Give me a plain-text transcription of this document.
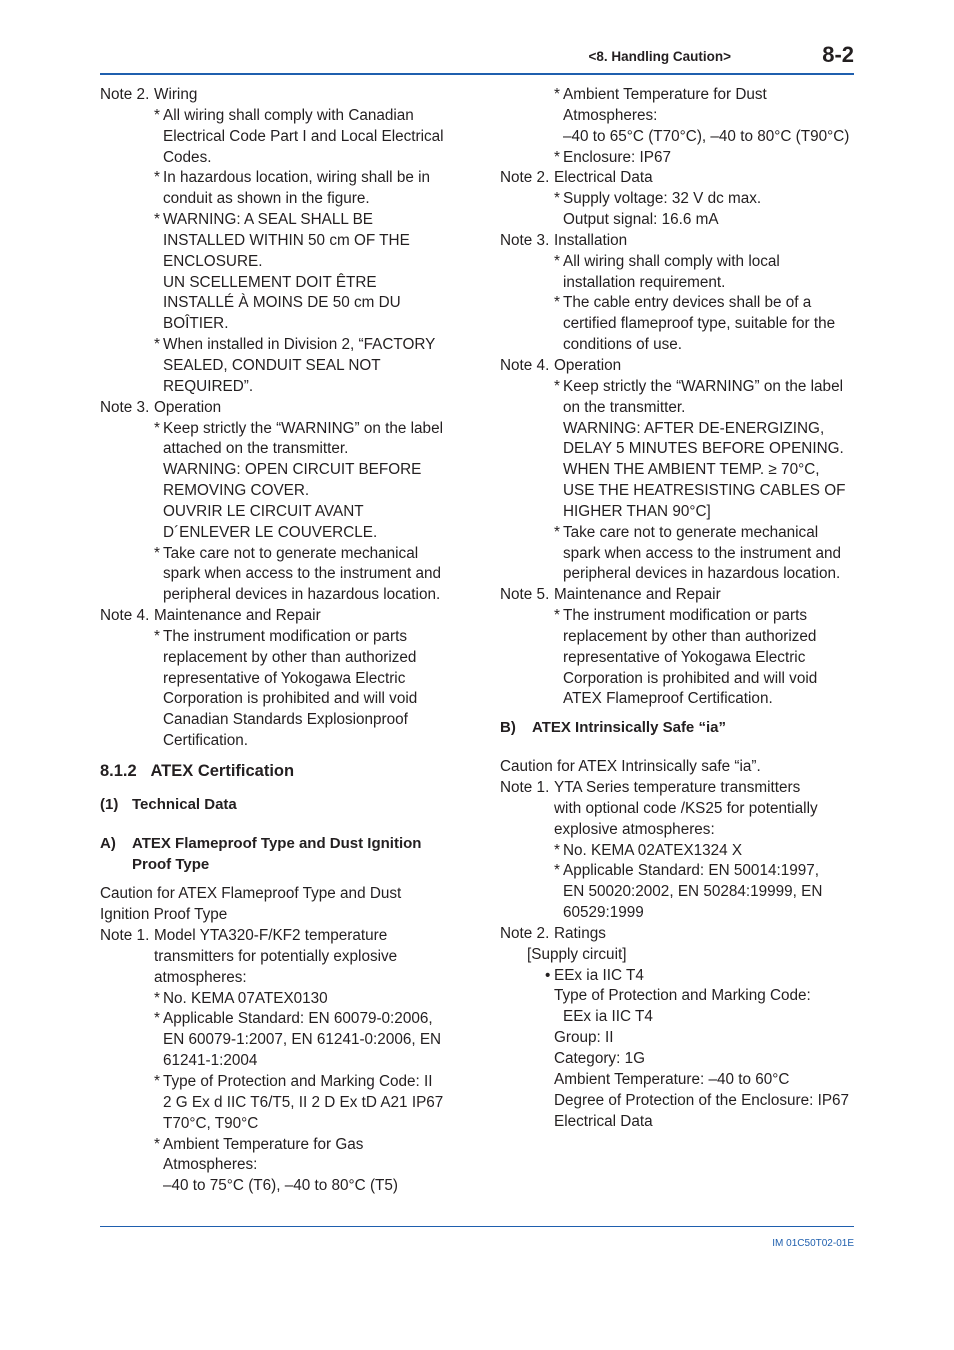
<8. Handling Caution>	8-2
Note 2. Wiring
* All wiring shall comply with Canadian
Electrical Code Part I and Local Electrical
Codes.
* In hazardous location, wiring shall be in
conduit as shown in the figure.
* WARNING: A SEAL SHALL BE
INSTALLED WITHIN 50 cm OF THE
ENCLOSURE.
UN SCELLEMENT DOIT ÊTRE
INSTALLÉ À MOINS DE 50 cm DU
BOÎTIER.
* When installed in Division 2, “FACTORY
SEALED, CONDUIT SEAL NOT
REQUIRED”.
Note 3. Operation
* Keep strictly the “WARNING” on the label
attached on the transmitter.
WARNING: OPEN CIRCUIT BEFORE
REMOVING COVER.
OUVRIR LE CIRCUIT AVANT
D´ENLEVER LE COUVERCLE.
* Take care not to generate mechanical
spark when access to the instrument and
peripheral devices in hazardous location.
Note 4. Maintenance and Repair
* The instrument modification or parts
replacement by other than authorized
representative of Yokogawa Electric
Corporation is prohibited and will void
Canadian Standards Explosionproof
Certification.
8.1.2 ATEX Certification
(1) Technical Data
A)	ATEX Flameproof Type and Dust Ignition
Proof Type
Caution for ATEX Flameproof Type and Dust
Ignition Proof Type
Note 1. Model YTA320-F/KF2 temperature
transmitters for potentially explosive
atmospheres:
* No. KEMA 07ATEX0130
* Applicable Standard: EN 60079-0:2006,
EN 60079-1:2007, EN 61241-0:2006, EN
61241-1:2004
* Type of Protection and Marking Code: II
2 G Ex d IIC T6/T5, II 2 D Ex tD A21 IP67
T70°C, T90°C
* Ambient Temperature for Gas
Atmospheres:
–40 to 75°C (T6), –40 to 80°C (T5)
* Ambient Temperature for Dust
Atmospheres:
–40 to 65°C (T70°C), –40 to 80°C (T90°C)
* Enclosure: IP67
Note 2. Electrical Data
* Supply voltage: 32 V dc max.
Output signal: 16.6 mA
Note 3. Installation
* All wiring shall comply with local
installation requirement.
* The cable entry devices shall be of a
certified flameproof type, suitable for the
conditions of use.
Note 4. Operation
* Keep strictly the “WARNING” on the label
on the transmitter.
WARNING: AFTER DE-ENERGIZING,
DELAY 5 MINUTES BEFORE OPENING.
WHEN THE AMBIENT TEMP. ≥ 70°C,
USE THE HEATRESISTING CABLES OF
HIGHER THAN 90°C]
* Take care not to generate mechanical
spark when access to the instrument and
peripheral devices in hazardous location.
Note 5. Maintenance and Repair
* The instrument modification or parts
replacement by other than authorized
representative of Yokogawa Electric
Corporation is prohibited and will void
ATEX Flameproof Certification.
B)	ATEX Intrinsically Safe “ia”
Caution for ATEX Intrinsically safe “ia”.
Note 1. YTA Series temperature transmitters
with optional code /KS25 for potentially
explosive atmospheres:
* No. KEMA 02ATEX1324 X
* Applicable Standard: EN 50014:1997,
EN 50020:2002, EN 50284:19999, EN
60529:1999
Note 2. Ratings
[Supply circuit]
• EEx ia IIC T4
Type of Protection and Marking Code:
EEx ia IIC T4
Group: II
Category: 1G
Ambient Temperature: –40 to 60°C
Degree of Protection of the Enclosure: IP67
Electrical Data
IM 01C50T02-01E
